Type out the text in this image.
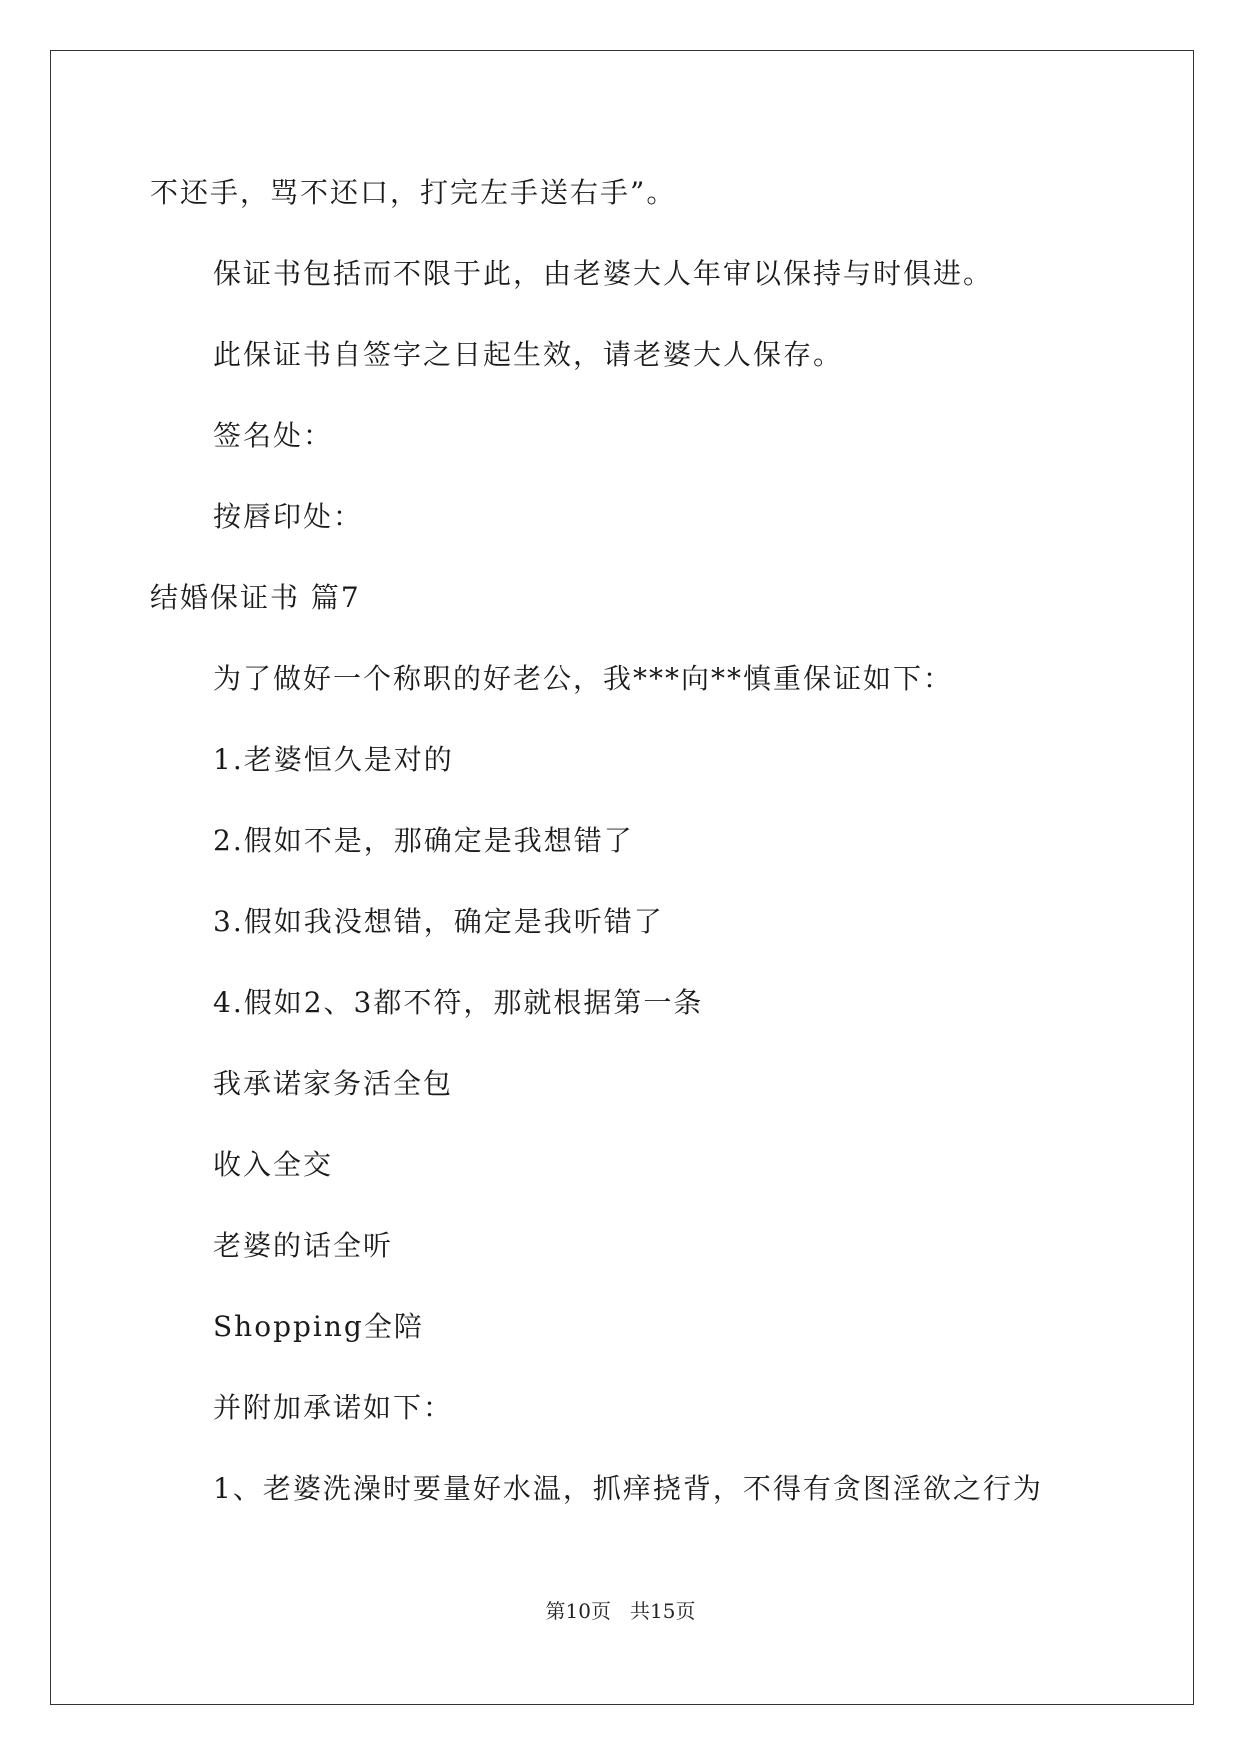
不还手，骂不还口，打完左手送右手”。
保证书包括而不限于此，由老婆大人年审以保持与时俱进。
此保证书自签字之日起生效，请老婆大人保存。
签名处：
按唇印处：
结婚保证书 篇7
为了做好一个称职的好老公，我***向**慎重保证如下：
1.老婆恒久是对的
2.假如不是，那确定是我想错了
3.假如我没想错，确定是我听错了
4.假如2、3都不符，那就根据第一条
我承诺家务活全包
收入全交
老婆的话全听
Shopping全陪
并附加承诺如下：
1、老婆洗澡时要量好水温，抓痒挠背，不得有贪图淫欲之行为
第10页 共15页
